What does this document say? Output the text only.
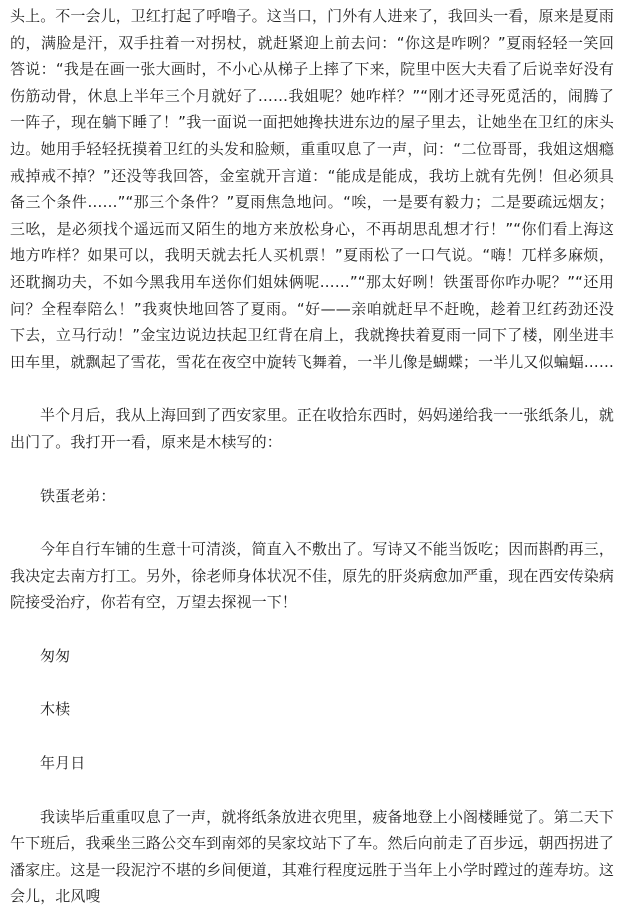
头上。不一会儿，卫红打起了呼噜子。这当口，门外有人进来了，我回头一看，原来是夏雨的，满脸是汗，双手拄着一对拐杖，就赶紧迎上前去问：“你这是咋咧？”夏雨轻轻一笑回答说：“我是在画一张大画时，不小心从梯子上摔了下来，院里中医大夫看了后说幸好没有伤筋动骨，休息上半年三个月就好了……我姐呢？她咋样？”“刚才还寻死觅活的，闹腾了一阵子，现在躺下睡了！”我一面说一面把她搀扶进东边的屋子里去，让她坐在卫红的床头边。她用手轻轻抚摸着卫红的头发和脸颊，重重叹息了一声，问：“二位哥哥，我姐这烟瘾戒掉戒不掉？”还没等我回答，金室就开言道：“能成是能成，我坊上就有先例！但必须具备三个条件……”“那三个条件？”夏雨焦急地问。“唉，一是要有毅力；二是要疏远烟友；三吆，是必须找个遥远而又陌生的地方来放松身心，不再胡思乱想才行！”“你们看上海这地方咋样？如果可以，我明天就去托人买机票！”夏雨松了一口气说。“嗨！兀样多麻烦，还耽搁功夫，不如今黑我用车送你们姐妹俩呢……”“那太好咧！铁蛋哥你咋办呢？”“还用问？全程奉陪么！”我爽快地回答了夏雨。“好——亲咱就赶早不赶晚，趁着卫红药劲还没下去，立马行动！”金宝边说边扶起卫红背在肩上，我就搀扶着夏雨一同下了楼，刚坐进丰田车里，就飘起了雪花，雪花在夜空中旋转飞舞着，一半儿像是蝴蝶；一半儿又似蝙蝠……

半个月后，我从上海回到了西安家里。正在收拾东西时，妈妈递给我一一张纸条儿，就出门了。我打开一看，原来是木椟写的：

铁蛋老弟：

今年自行车铺的生意十可清淡，简直入不敷出了。写诗又不能当饭吃；因而斟酌再三，我决定去南方打工。另外，徐老师身体状况不佳，原先的肝炎病愈加严重，现在西安传染病院接受治疗，你若有空，万望去探视一下！

匆匆

木椟

年月日

我读毕后重重叹息了一声，就将纸条放进衣兜里，疲备地登上小阁楼睡觉了。第二天下午下班后，我乘坐三路公交车到南郊的吴家坟站下了车。然后向前走了百步远，朝西拐进了潘家庄。这是一段泥泞不堪的乡间便道，其难行程度远胜于当年上小学时蹚过的莲寿坊。这会儿，北风嗖
